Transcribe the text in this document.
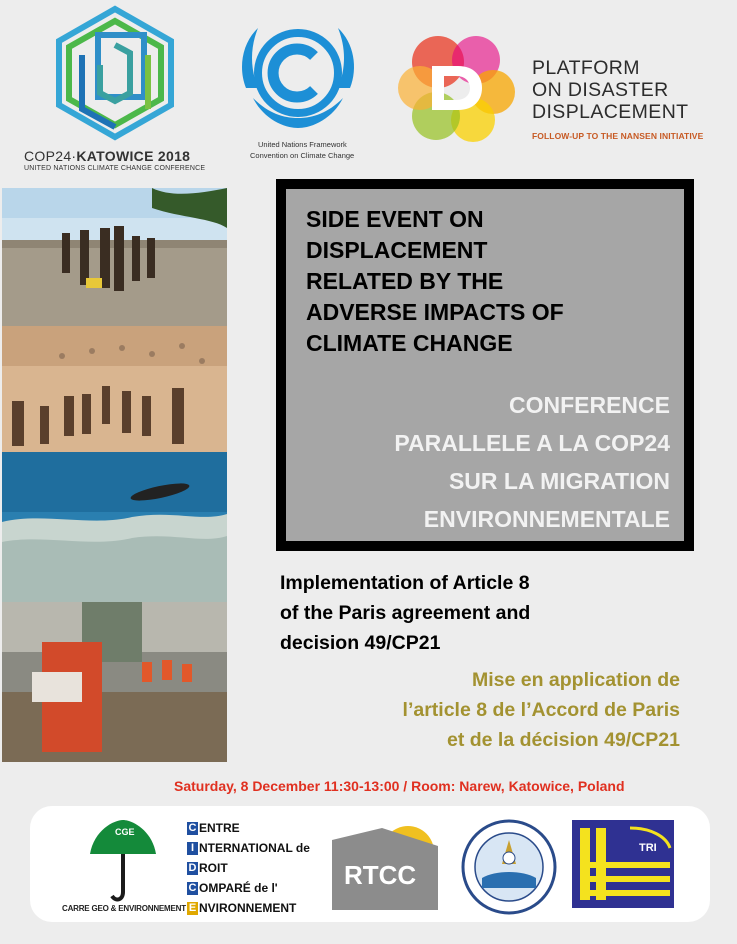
COP24·KATOWICE 2018
UNITED NATIONS CLIMATE CHANGE CONFERENCE
United Nations Framework
Convention on Climate Change
PLATFORM
ON DISASTER
DISPLACEMENT
FOLLOW-UP TO THE NANSEN INITIATIVE
SIDE EVENT ON
DISPLACEMENT
RELATED BY THE
ADVERSE IMPACTS OF
CLIMATE CHANGE
CONFERENCE
PARALLELE A LA COP24
SUR LA MIGRATION
ENVIRONNEMENTALE
Implementation of Article 8
of the Paris agreement and
decision 49/CP21
Mise en application de
l’article 8 de l’Accord de Paris
et de la décision 49/CP21
Saturday, 8 December 11:30-13:00 / Room: Narew, Katowice, Poland
CGE
CARRE GEO & ENVIRONNEMENT
C ENTRE
I NTERNATIONAL de
D ROIT
C OMPARÉ de l'
E NVIRONNEMENT
RTCC
TRI
